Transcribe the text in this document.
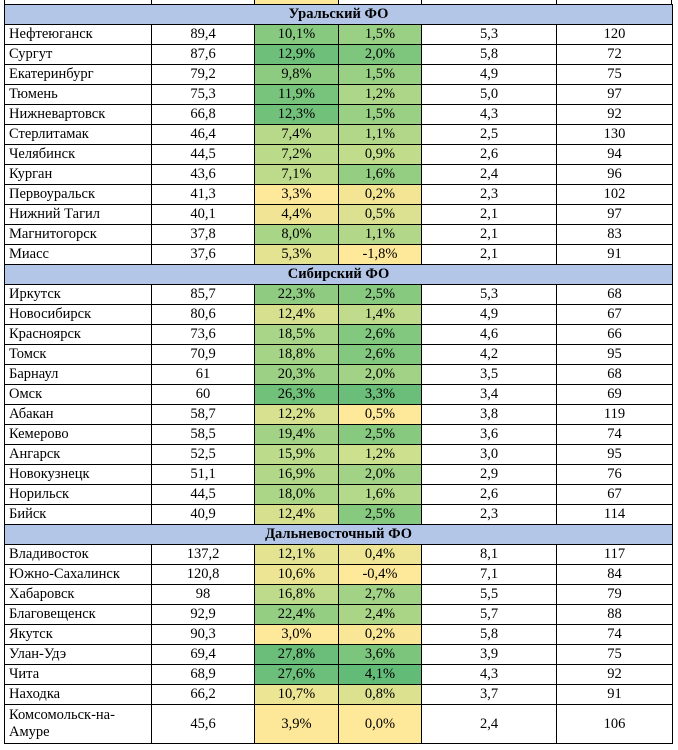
Уральский ФО					
Нефтеюганск	89,4	10,1%	1,5%	5,3	120
Сургут	87,6	12,9%	2,0%	5,8	72
Екатеринбург	79,2	9,8%	1,5%	4,9	75
Тюмень	75,3	11,9%	1,2%	5,0	97
Нижневартовск	66,8	12,3%	1,5%	4,3	92
Стерлитамак	46,4	7,4%	1,1%	2,5	130
Челябинск	44,5	7,2%	0,9%	2,6	94
Курган	43,6	7,1%	1,6%	2,4	96
Первоуральск	41,3	3,3%	0,2%	2,3	102
Нижний Тагил	40,1	4,4%	0,5%	2,1	97
Магнитогорск	37,8	8,0%	1,1%	2,1	83
Миасс	37,6	5,3%	-1,8%	2,1	91
Сибирский ФО					
Иркутск	85,7	22,3%	2,5%	5,3	68
Новосибирск	80,6	12,4%	1,4%	4,9	67
Красноярск	73,6	18,5%	2,6%	4,6	66
Томск	70,9	18,8%	2,6%	4,2	95
Барнаул	61	20,3%	2,0%	3,5	68
Омск	60	26,3%	3,3%	3,4	69
Абакан	58,7	12,2%	0,5%	3,8	119
Кемерово	58,5	19,4%	2,5%	3,6	74
Ангарск	52,5	15,9%	1,2%	3,0	95
Новокузнецк	51,1	16,9%	2,0%	2,9	76
Норильск	44,5	18,0%	1,6%	2,6	67
Бийск	40,9	12,4%	2,5%	2,3	114
Дальневосточный ФО					
Владивосток	137,2	12,1%	0,4%	8,1	117
Южно-Сахалинск	120,8	10,6%	-0,4%	7,1	84
Хабаровск	98	16,8%	2,7%	5,5	79
Благовещенск	92,9	22,4%	2,4%	5,7	88
Якутск	90,3	3,0%	0,2%	5,8	74
Улан-Удэ	69,4	27,8%	3,6%	3,9	75
Чита	68,9	27,6%	4,1%	4,3	92
Находка	66,2	10,7%	0,8%	3,7	91
Комсомольск-на-Амуре	45,6	3,9%	0,0%	2,4	106
